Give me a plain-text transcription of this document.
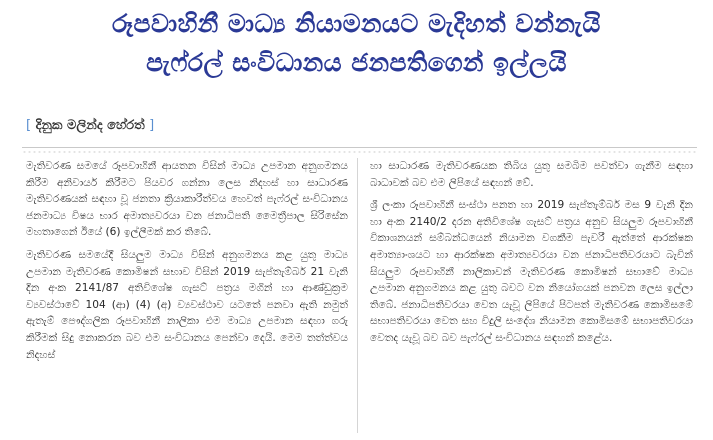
රූපවාහිනී මාධ්‍ය නියාමනයට මැදිහත් වන්නැයි
පැෆ්රල් සංවිධානය ජනපතිගෙන් ඉල්ලයි
[ දිනුක මලින්ද හේරත් ]

මැතිවරණ සමයේ රූපවාහිනී ආයතන විසින් මාධ්‍ය උපමාන අනුගමනය කිරීම අනිවාර්ය කිරීමට පියවර ගන්නා ලෙස නිදහස් හා සාධාරණ මැතිවරණයක් සඳහා වූ ජනතා ක්‍රියාකාරීත්වය හෙවත් පැෆ්රල් සංවිධානය ජනමාධ්‍ය විෂය භාර අමාත්‍යවරයා වන ජනාධිපති මෛත්‍රීපාල සිරිසේන මහතාගෙන් ඊයේ (6) ඉල්ලීමක් කර තිබේ.

මැතිවරණ සමයේදී සියලුම මාධ්‍ය විසින් අනුගමනය කළ යුතු මාධ්‍ය උපමාන මැතිවරණ කොමිෂන් සභාව විසින් 2019 සැප්තැම්බර් 21 වැනි දින අංක 2141/87 අතිවිශේෂ ගැසට් පත්‍රය මගින් හා ආණ්ඩුක්‍රම ව්‍යවස්ථාවේ 104 (ආ) (4) (අ) ව්‍යවස්ථාව යටතේ පනවා ඇති නමුත් ඇතැම් පෞද්ගලික රූපවාහිනී නාලිකා එම මාධ්‍ය උපමාන සඳහා ගරු කිරීමක් සිදු නොකරන බව එම සංවිධානය පෙන්වා දෙයි. මෙම තත්ත්වය නිදහස්

හා සාධාරණ මැතිවරණයක තිබිය යුතු සමබිම පවත්වා ගැනීම සඳහා බාධාවක් බව එම ලිපියේ සඳහන් වේ.

ශ්‍රී ලංකා රූපවාහිනී සංස්ථා පනත හා 2019 සැප්තැම්බර් මස 9 වැනි දින හා අංක 2140/2 දරන අතිවිශේෂ ගැසට් පත්‍රය අනුව සියලුම රූපවාහිනී විකාශනයන් සම්බන්ධයෙන් නියාමන වගකීම පැවරී ඇත්තේ ආරක්ෂක අමාත්‍යාංශයට හා ආරක්ෂක අමාත්‍යවරයා වන ජනාධිපතිවරයාට බැවින් සියලුම රූපවාහිනී නාලිකාවන් මැතිවරණ කොමිෂන් සභාවේ මාධ්‍ය උපමාන අනුගමනය කළ යුතු බවට වන නියෝගයක් පනවන ලෙස ඉල්ලා තිබේ. ජනාධිපතිවරයා වෙත යැවූ ලිපියේ පිටපත් මැතිවරණ කොමිසමේ සභාපතිවරයා වෙත සහ විදුලි සංදේශ නියාමන කොමිසමේ සභාපතිවරයා වෙතද යැවූ බව බව පැෆ්රල් සංවිධානය සඳහන් කළේය.
